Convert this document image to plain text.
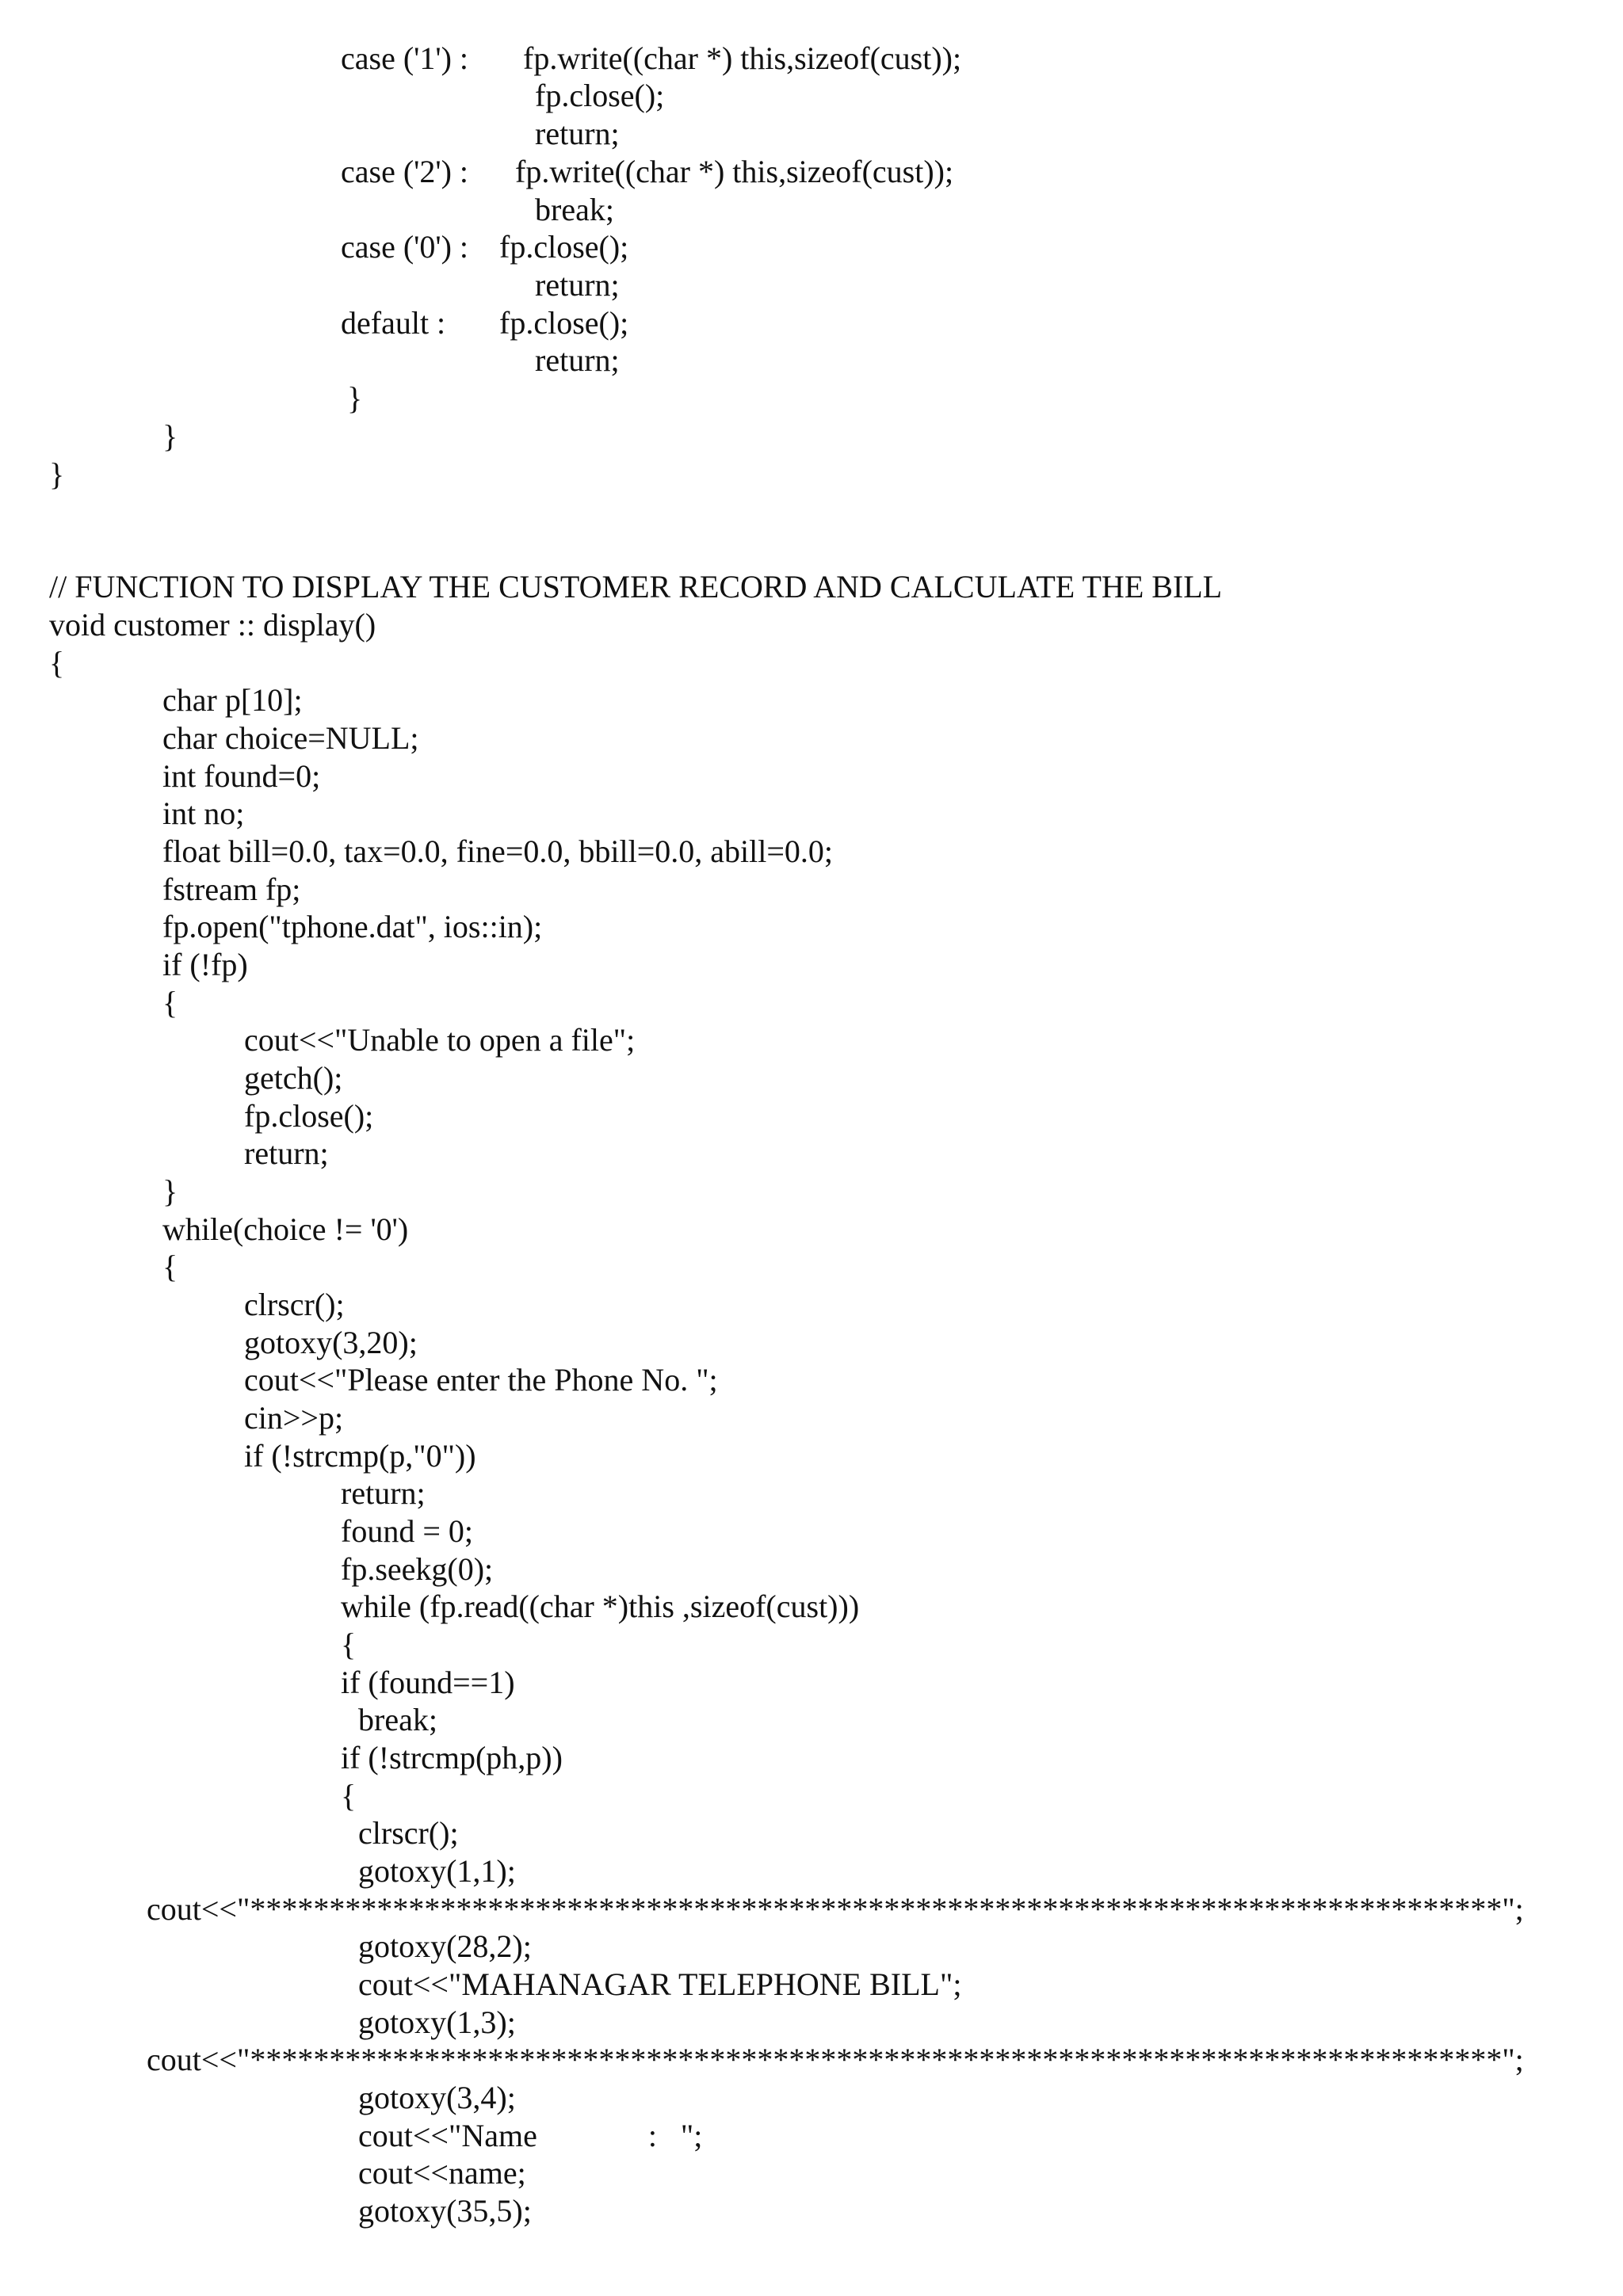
case ('1') : fp.write((char *) this,sizeof(cust));
fp.close();
return;
case ('2') : fp.write((char *) this,sizeof(cust));
break;
case ('0') : fp.close();
return;
default : fp.close();
return;
}
}
}
// FUNCTION TO DISPLAY THE CUSTOMER RECORD AND CALCULATE THE BILL
void customer :: display()
{
char p[10];
char choice=NULL;
int found=0;
int no;
float bill=0.0, tax=0.0, fine=0.0, bbill=0.0, abill=0.0;
fstream fp;
fp.open("tphone.dat", ios::in);
if (!fp)
{
cout<<"Unable to open a file";
getch();
fp.close();
return;
}
while(choice != '0')
{
clrscr();
gotoxy(3,20);
cout<<"Please enter the Phone No. ";
cin>>p;
if (!strcmp(p,"0"))
return;
found = 0;
fp.seekg(0);
while (fp.read((char *)this ,sizeof(cust)))
{
if (found==1)
break;
if (!strcmp(ph,p))
{
clrscr();
gotoxy(1,1);
cout<<"*******************************************************************************";
gotoxy(28,2);
cout<<"MAHANAGAR TELEPHONE BILL";
gotoxy(1,3);
cout<<"*******************************************************************************";
gotoxy(3,4);
cout<<"Name              :   ";
cout<<name;
gotoxy(35,5);
